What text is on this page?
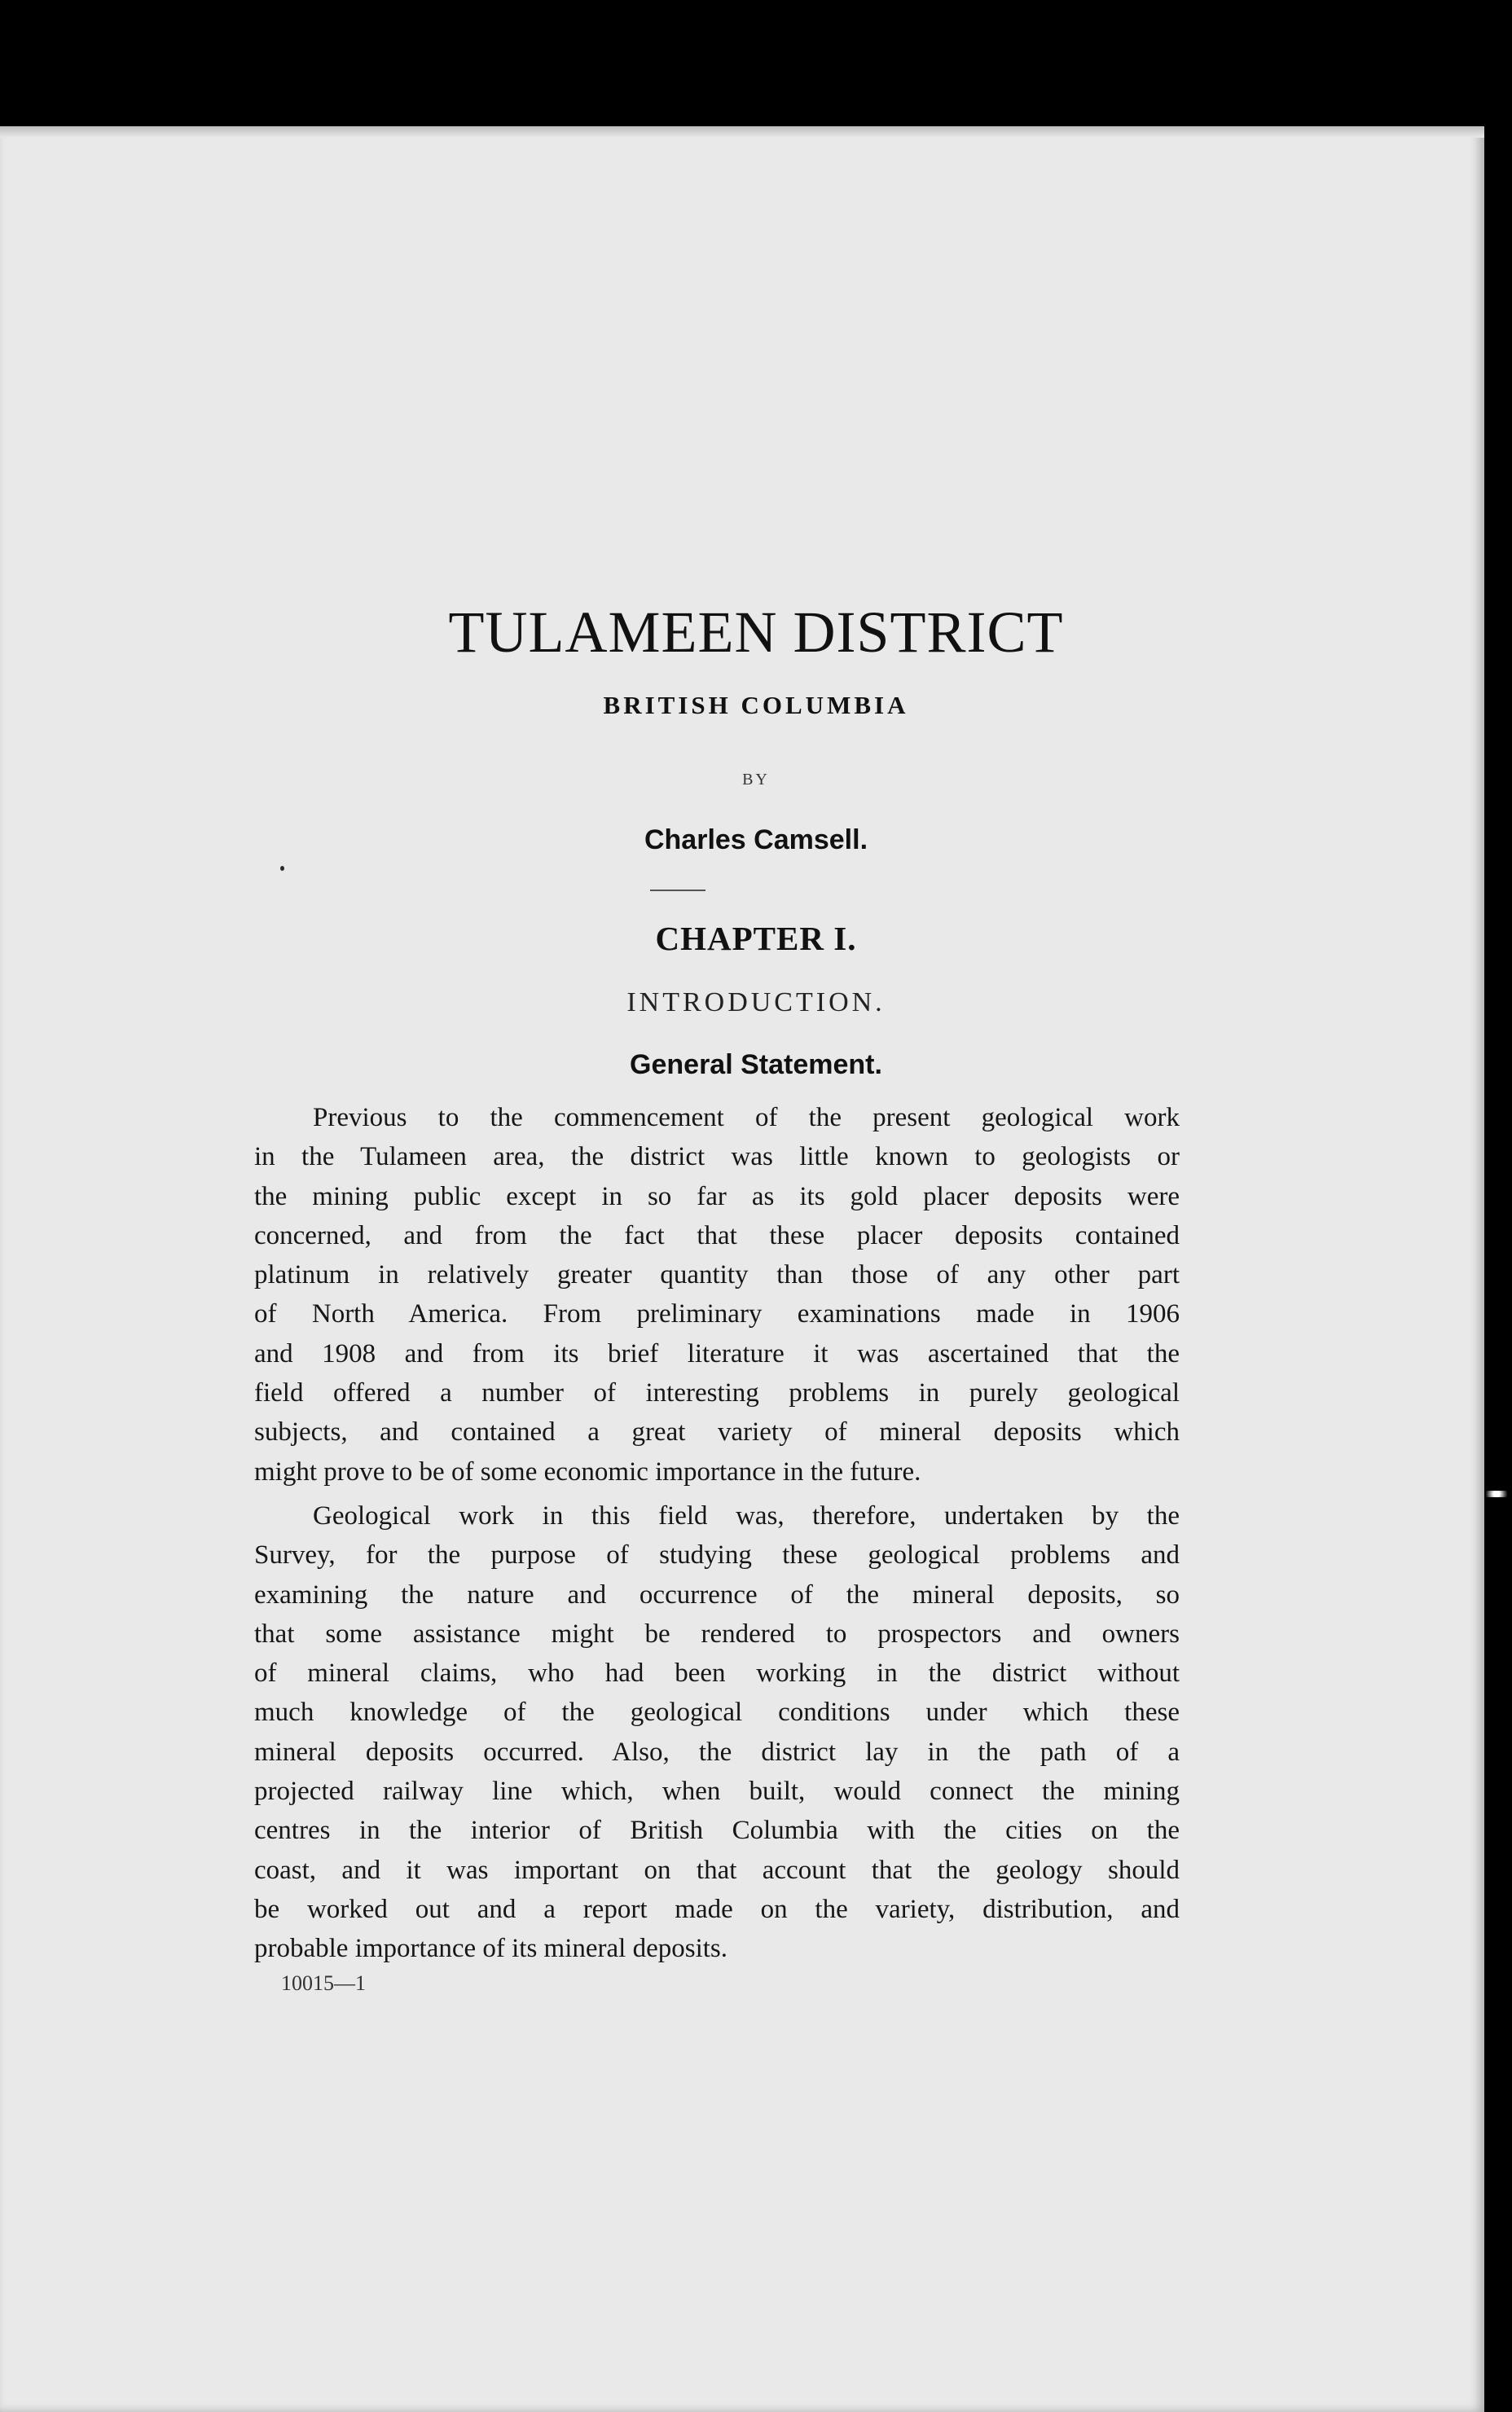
TULAMEEN DISTRICT
BRITISH COLUMBIA
BY
Charles Camsell.
CHAPTER I.
INTRODUCTION.
General Statement.
Previous to the commencement of the present geological work
in the Tulameen area, the district was little known to geologists or
the mining public except in so far as its gold placer deposits were
concerned, and from the fact that these placer deposits contained
platinum in relatively greater quantity than those of any other part
of North America. From preliminary examinations made in 1906
and 1908 and from its brief literature it was ascertained that the
field offered a number of interesting problems in purely geological
subjects, and contained a great variety of mineral deposits which
might prove to be of some economic importance in the future.
Geological work in this field was, therefore, undertaken by the
Survey, for the purpose of studying these geological problems and
examining the nature and occurrence of the mineral deposits, so
that some assistance might be rendered to prospectors and owners
of mineral claims, who had been working in the district without
much knowledge of the geological conditions under which these
mineral deposits occurred. Also, the district lay in the path of a
projected railway line which, when built, would connect the mining
centres in the interior of British Columbia with the cities on the
coast, and it was important on that account that the geology should
be worked out and a report made on the variety, distribution, and
probable importance of its mineral deposits.
10015—1
